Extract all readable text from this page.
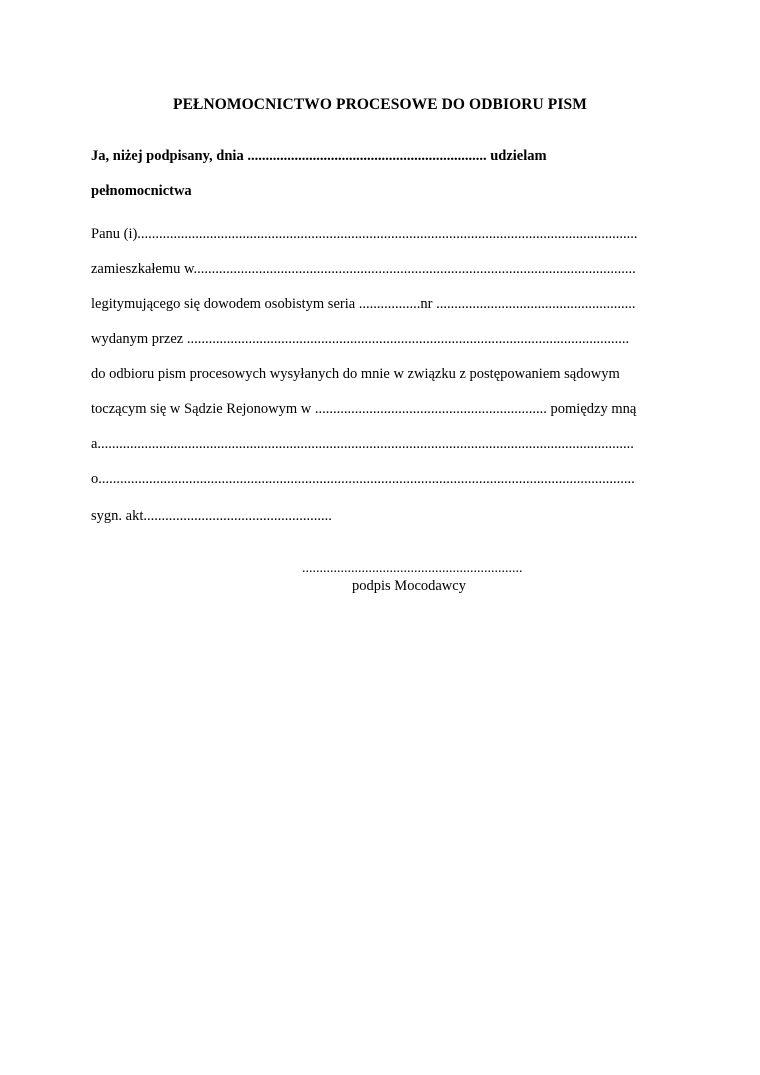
PEŁNOMOCNICTWO PROCESOWE DO ODBIORU PISM
Ja, niżej podpisany, dnia .................................................................. udzielam
pełnomocnictwa
Panu (i)..........................................................................................................................................
zamieszkałemu w..........................................................................................................................
legitymującego się dowodem osobistym seria .................nr .......................................................
wydanym przez ..........................................................................................................................
do odbioru pism procesowych wysyłanych do mnie w związku z postępowaniem sądowym
toczącym się w Sądzie Rejonowym w ................................................................ pomiędzy mną
a....................................................................................................................................................
o....................................................................................................................................................
sygn. akt....................................................
...............................................................
podpis Mocodawcy
